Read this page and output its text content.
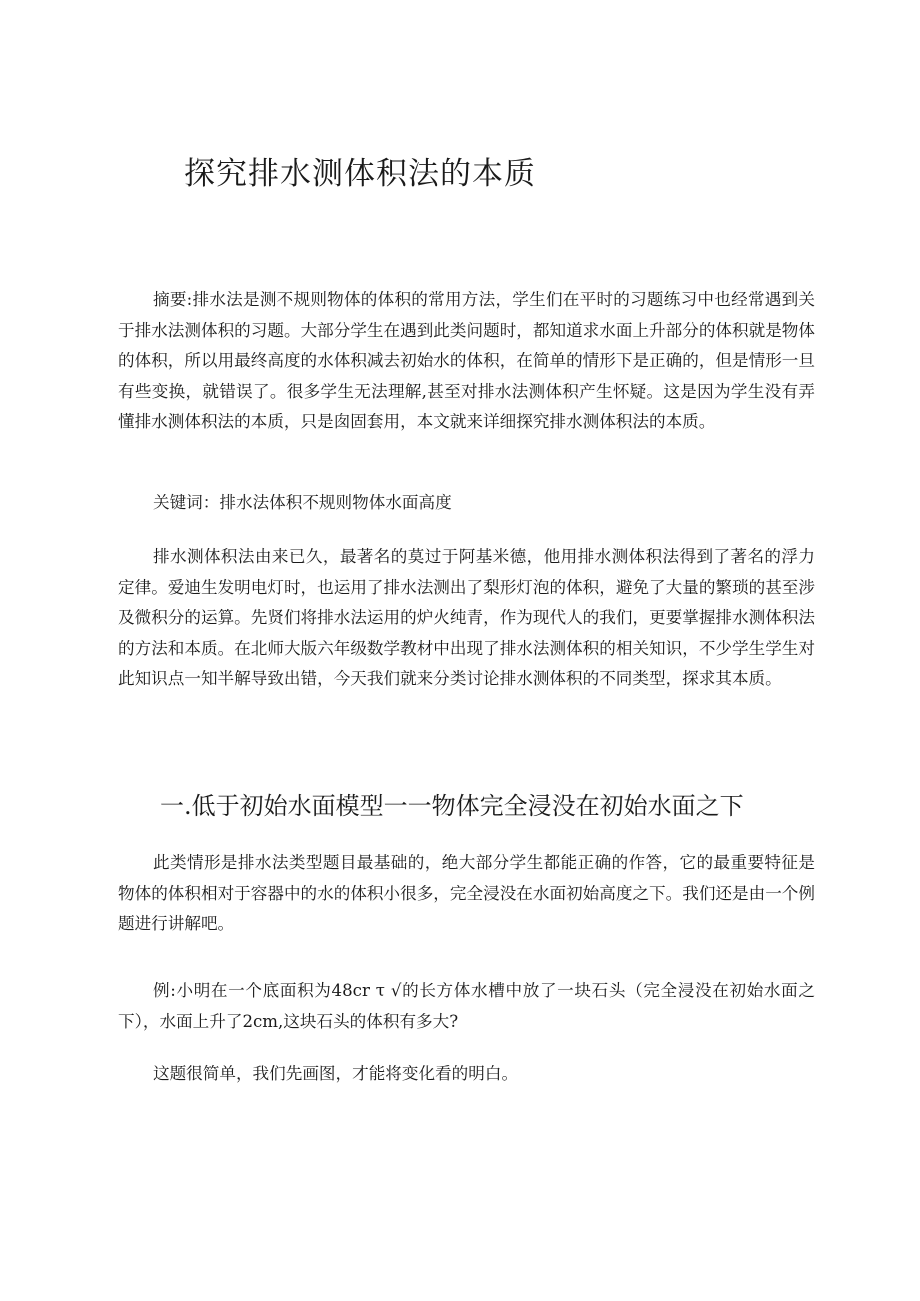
探究排水测体积法的本质

摘要:排水法是测不规则物体的体积的常用方法，学生们在平时的习题练习中也经常遇到关于排水法测体积的习题。大部分学生在遇到此类问题时，都知道求水面上升部分的体积就是物体的体积，所以用最终高度的水体积减去初始水的体积，在简单的情形下是正确的，但是情形一旦有些变换，就错误了。很多学生无法理解,甚至对排水法测体积产生怀疑。这是因为学生没有弄懂排水测体积法的本质，只是囱固套用，本文就来详细探究排水测体积法的本质。

关键词：排水法体积不规则物体水面高度

排水测体积法由来已久，最著名的莫过于阿基米德，他用排水测体积法得到了著名的浮力定律。爱迪生发明电灯时，也运用了排水法测出了梨形灯泡的体积，避免了大量的繁琐的甚至涉及微积分的运算。先贤们将排水法运用的炉火纯青，作为现代人的我们，更要掌握排水测体积法的方法和本质。在北师大版六年级数学教材中出现了排水法测体积的相关知识，不少学生学生对此知识点一知半解导致出错，今天我们就来分类讨论排水测体积的不同类型，探求其本质。

一.低于初始水面模型一一物体完全浸没在初始水面之下

此类情形是排水法类型题目最基础的，绝大部分学生都能正确的作答，它的最重要特征是物体的体积相对于容器中的水的体积小很多，完全浸没在水面初始高度之下。我们还是由一个例题进行讲解吧。

例:小明在一个底面积为48cr τ √的长方体水槽中放了一块石头（完全浸没在初始水面之下），水面上升了2cm,这块石头的体积有多大?

这题很简单，我们先画图，才能将变化看的明白。
